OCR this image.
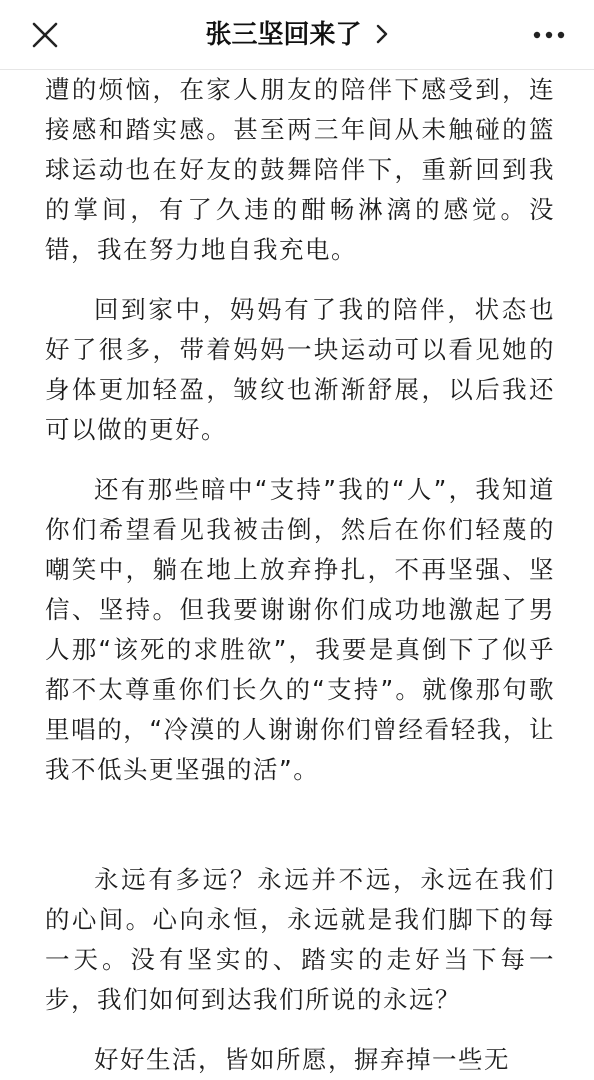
张三坚回来了

遭的烦恼，在家人朋友的陪伴下感受到，连接感和踏实感。甚至两三年间从未触碰的篮球运动也在好友的鼓舞陪伴下，重新回到我的掌间，有了久违的酣畅淋漓的感觉。没错，我在努力地自我充电。

回到家中，妈妈有了我的陪伴，状态也好了很多，带着妈妈一块运动可以看见她的身体更加轻盈，皱纹也渐渐舒展，以后我还可以做的更好。

还有那些暗中“支持”我的“人”，我知道你们希望看见我被击倒，然后在你们轻蔑的嘲笑中，躺在地上放弃挣扎，不再坚强、坚信、坚持。但我要谢谢你们成功地激起了男人那“该死的求胜欲”，我要是真倒下了似乎都不太尊重你们长久的“支持”。就像那句歌里唱的，“冷漠的人谢谢你们曾经看轻我，让我不低头更坚强的活”。

永远有多远？永远并不远，永远在我们的心间。心向永恒，永远就是我们脚下的每一天。没有坚实的、踏实的走好当下每一步，我们如何到达我们所说的永远？

好好生活，皆如所愿，摒弃掉一些无
